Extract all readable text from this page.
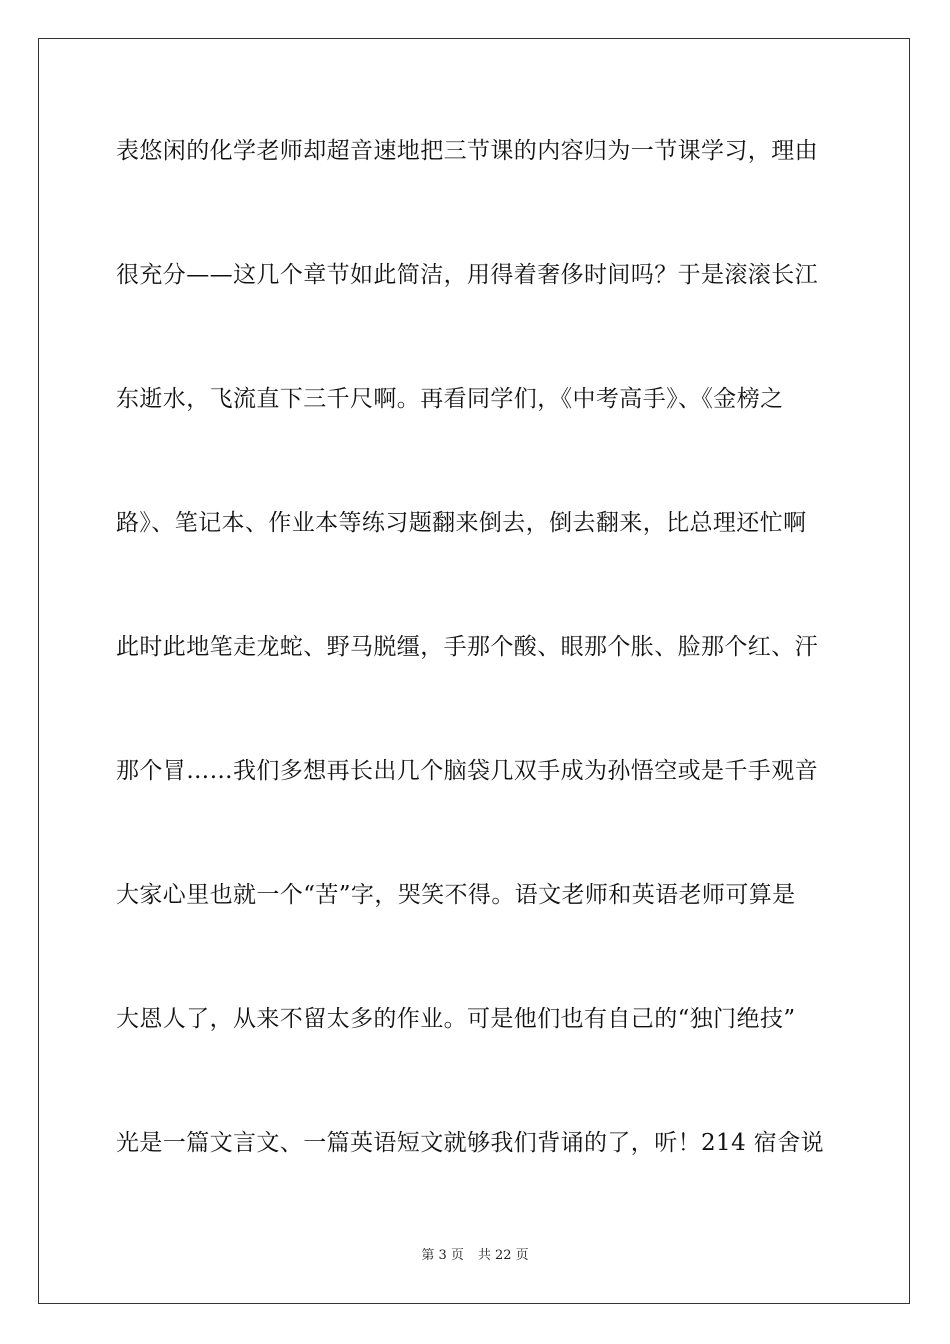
表悠闲的化学老师却超音速地把三节课的内容归为一节课学习，理由
很充分——这几个章节如此简洁，用得着奢侈时间吗？于是滚滚长江
东逝水，飞流直下三千尺啊。再看同学们，《中考高手》、《金榜之
路》、笔记本、作业本等练习题翻来倒去，倒去翻来，比总理还忙啊
此时此地笔走龙蛇、野马脱缰，手那个酸、眼那个胀、脸那个红、汗
那个冒……我们多想再长出几个脑袋几双手成为孙悟空或是千手观音
大家心里也就一个“苦”字，哭笑不得。语文老师和英语老师可算是
大恩人了，从来不留太多的作业。可是他们也有自己的“独门绝技”
光是一篇文言文、一篇英语短文就够我们背诵的了，听！214 宿舍说
第 3 页 共 22 页
